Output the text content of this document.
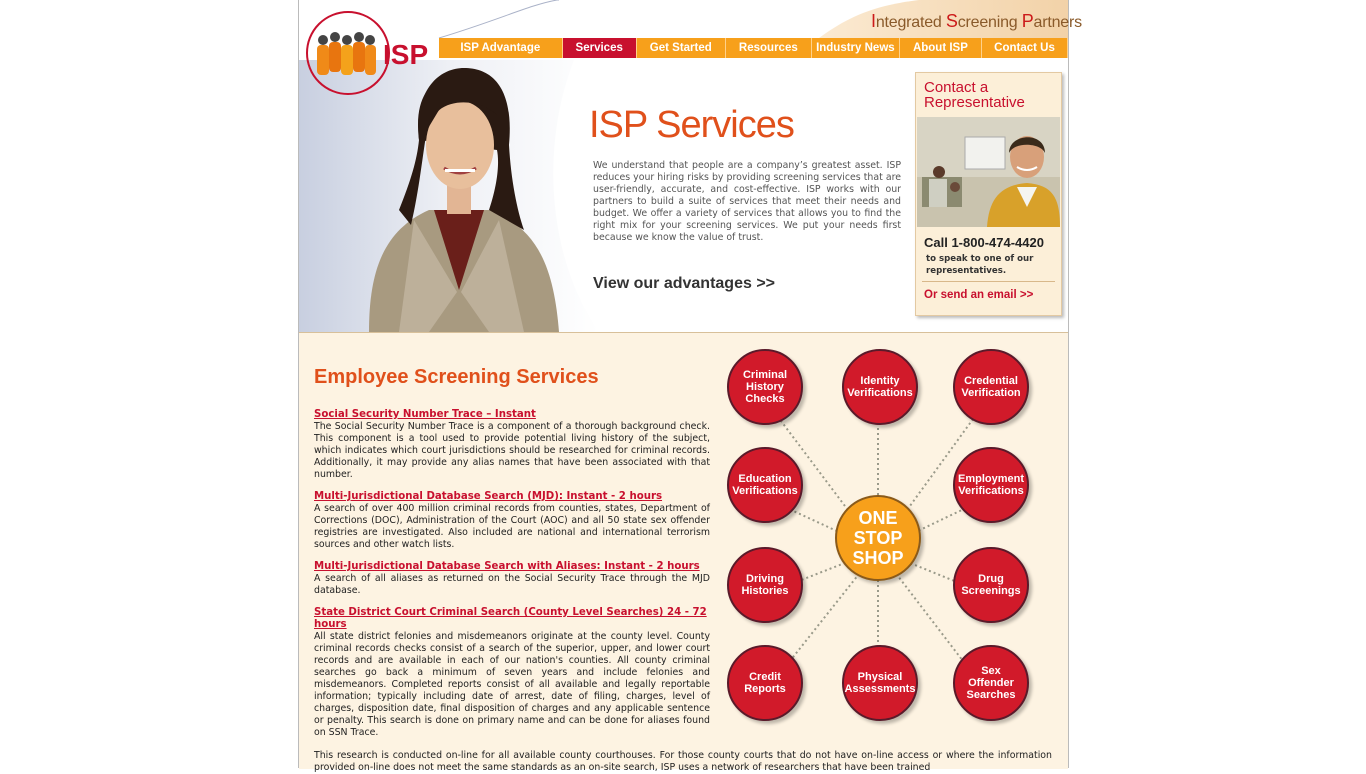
Integrated Screening Partners
ISP	ISP Advantage	Services	Get Started	Resources	Industry News	About ISP	Contact Us
ISP Services
We understand that people are a company’s greatest asset. ISP reduces your hiring risks by providing screening services that are user-friendly, accurate, and cost-effective. ISP works with our partners to build a suite of services that meet their needs and budget. We offer a variety of services that allows you to find the right mix for your screening services. We put your needs first because we know the value of trust.
View our advantages >>
Contact a
Representative
Call 1-800-474-4420
to speak to one of our representatives.
Or send an email >>
Employee Screening Services
Social Security Number Trace – Instant
The Social Security Number Trace is a component of a thorough background check. This component is a tool used to provide potential living history of the subject, which indicates which court jurisdictions should be researched for criminal records. Additionally, it may provide any alias names that have been associated with that number.
Multi-Jurisdictional Database Search (MJD): Instant - 2 hours
A search of over 400 million criminal records from counties, states, Department of Corrections (DOC), Administration of the Court (AOC) and all 50 state sex offender registries are investigated. Also included are national and international terrorism sources and other watch lists.
Multi-Jurisdictional Database Search with Aliases: Instant - 2 hours
A search of all aliases as returned on the Social Security Trace through the MJD database.
State District Court Criminal Search (County Level Searches) 24 - 72 hours
All state district felonies and misdemeanors originate at the county level. County criminal records checks consist of a search of the superior, upper, and lower court records and are available in each of our nation's counties. All county criminal searches go back a minimum of seven years and include felonies and misdemeanors. Completed reports consist of all available and legally reportable information; typically including date of arrest, date of filing, charges, level of charges, disposition date, final disposition of charges and any applicable sentence or penalty. This search is done on primary name and can be done for aliases found on SSN Trace.
This research is conducted on-line for all available county courthouses. For those county courts that do not have on-line access or where the information provided on-line does not meet the same standards as an on-site search, ISP uses a network of researchers that have been trained
ONE
STOP
SHOP
Criminal
History
Checks
Identity
Verifications
Credential
Verification
Education
Verifications
Employment
Verifications
Driving
Histories
Drug
Screenings
Credit
Reports
Physical
Assessments
Sex
Offender
Searches
